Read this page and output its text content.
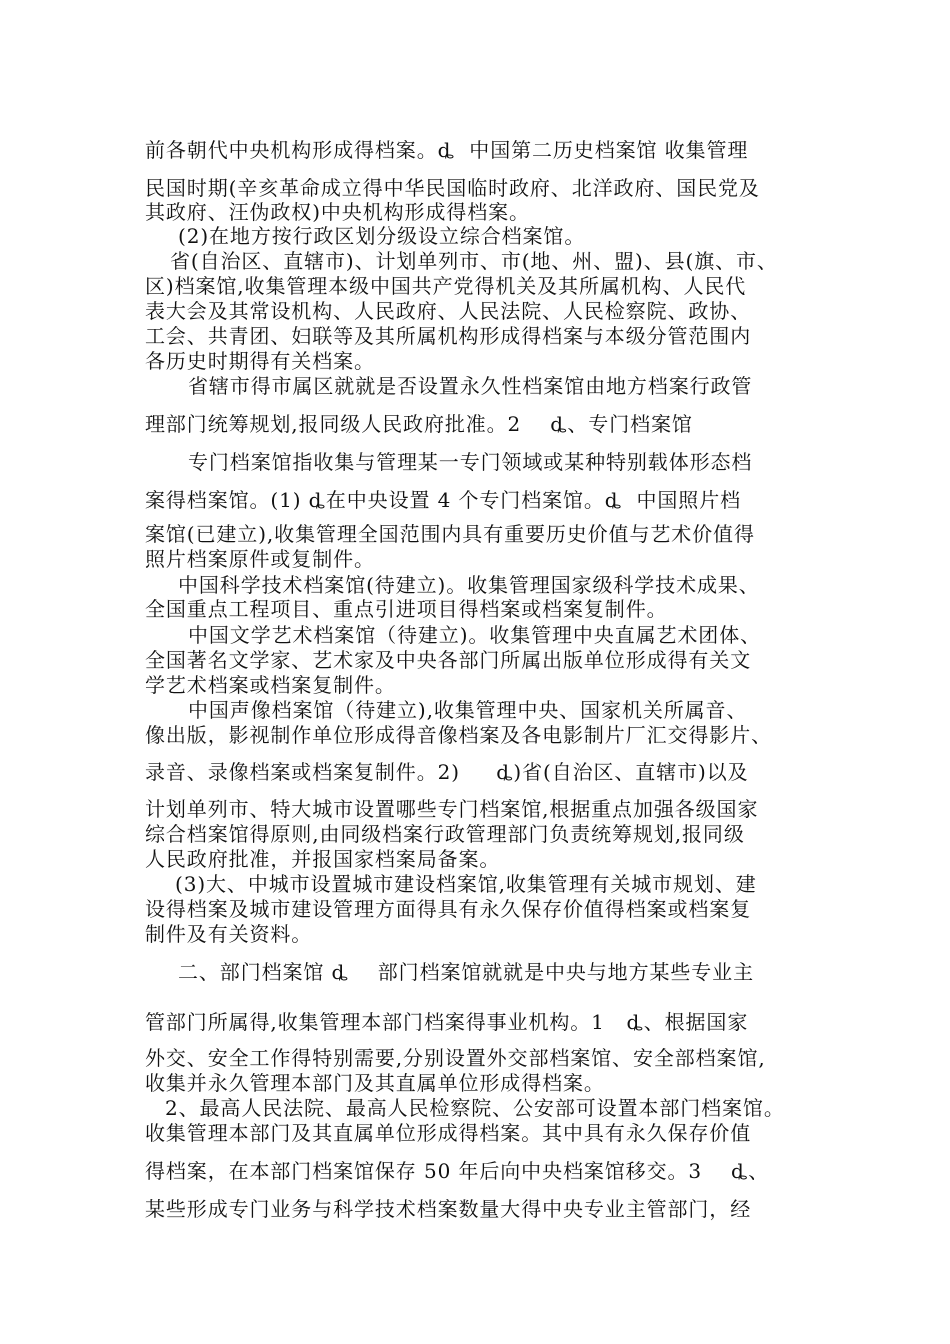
前各朝代中央机构形成得档案。ȡ  中国第二历史档案馆 收集管理
民国时期(辛亥革命成立得中华民国临时政府、北洋政府、国民党及
其政府、汪伪政权)中央机构形成得档案。
(2)在地方按行政区划分级设立综合档案馆。
省(自治区、直辖市)、计划单列市、市(地、州、盟)、县(旗、市、
区)档案馆,收集管理本级中国共产党得机关及其所属机构、人民代
表大会及其常设机构、人民政府、人民法院、人民检察院、政协、
工会、共青团、妇联等及其所属机构形成得档案与本级分管范围内
各历史时期得有关档案。
省辖市得市属区就就是否设置永久性档案馆由地方档案行政管
理部门统筹规划,报同级人民政府批准。2    ȡ、专门档案馆
专门档案馆指收集与管理某一专门领域或某种特别载体形态档
案得档案馆。(1) ȡ在中央设置 4 个专门档案馆。ȡ  中国照片档
案馆(已建立),收集管理全国范围内具有重要历史价值与艺术价值得
照片档案原件或复制件。
中国科学技术档案馆(待建立)。收集管理国家级科学技术成果、
全国重点工程项目、重点引进项目得档案或档案复制件。
中国文学艺术档案馆（待建立)。收集管理中央直属艺术团体、
全国著名文学家、艺术家及中央各部门所属出版单位形成得有关文
学艺术档案或档案复制件。
中国声像档案馆（待建立),收集管理中央、国家机关所属音、
像出版，影视制作单位形成得音像档案及各电影制片厂汇交得影片、
录音、录像档案或档案复制件。2)     ȡ)省(自治区、直辖市)以及
计划单列市、特大城市设置哪些专门档案馆,根据重点加强各级国家
综合档案馆得原则,由同级档案行政管理部门负责统筹规划,报同级
人民政府批准，并报国家档案局备案。
(3)大、中城市设置城市建设档案馆,收集管理有关城市规划、建
设得档案及城市建设管理方面得具有永久保存价值得档案或档案复
制件及有关资料。
二、部门档案馆 ȡ    部门档案馆就就是中央与地方某些专业主
管部门所属得,收集管理本部门档案得事业机构。1   ȡ、根据国家
外交、安全工作得特别需要,分别设置外交部档案馆、安全部档案馆,
收集并永久管理本部门及其直属单位形成得档案。
2、最高人民法院、最高人民检察院、公安部可设置本部门档案馆。
收集管理本部门及其直属单位形成得档案。其中具有永久保存价值
得档案，在本部门档案馆保存 50 年后向中央档案馆移交。3    ȡ、
某些形成专门业务与科学技术档案数量大得中央专业主管部门，经
